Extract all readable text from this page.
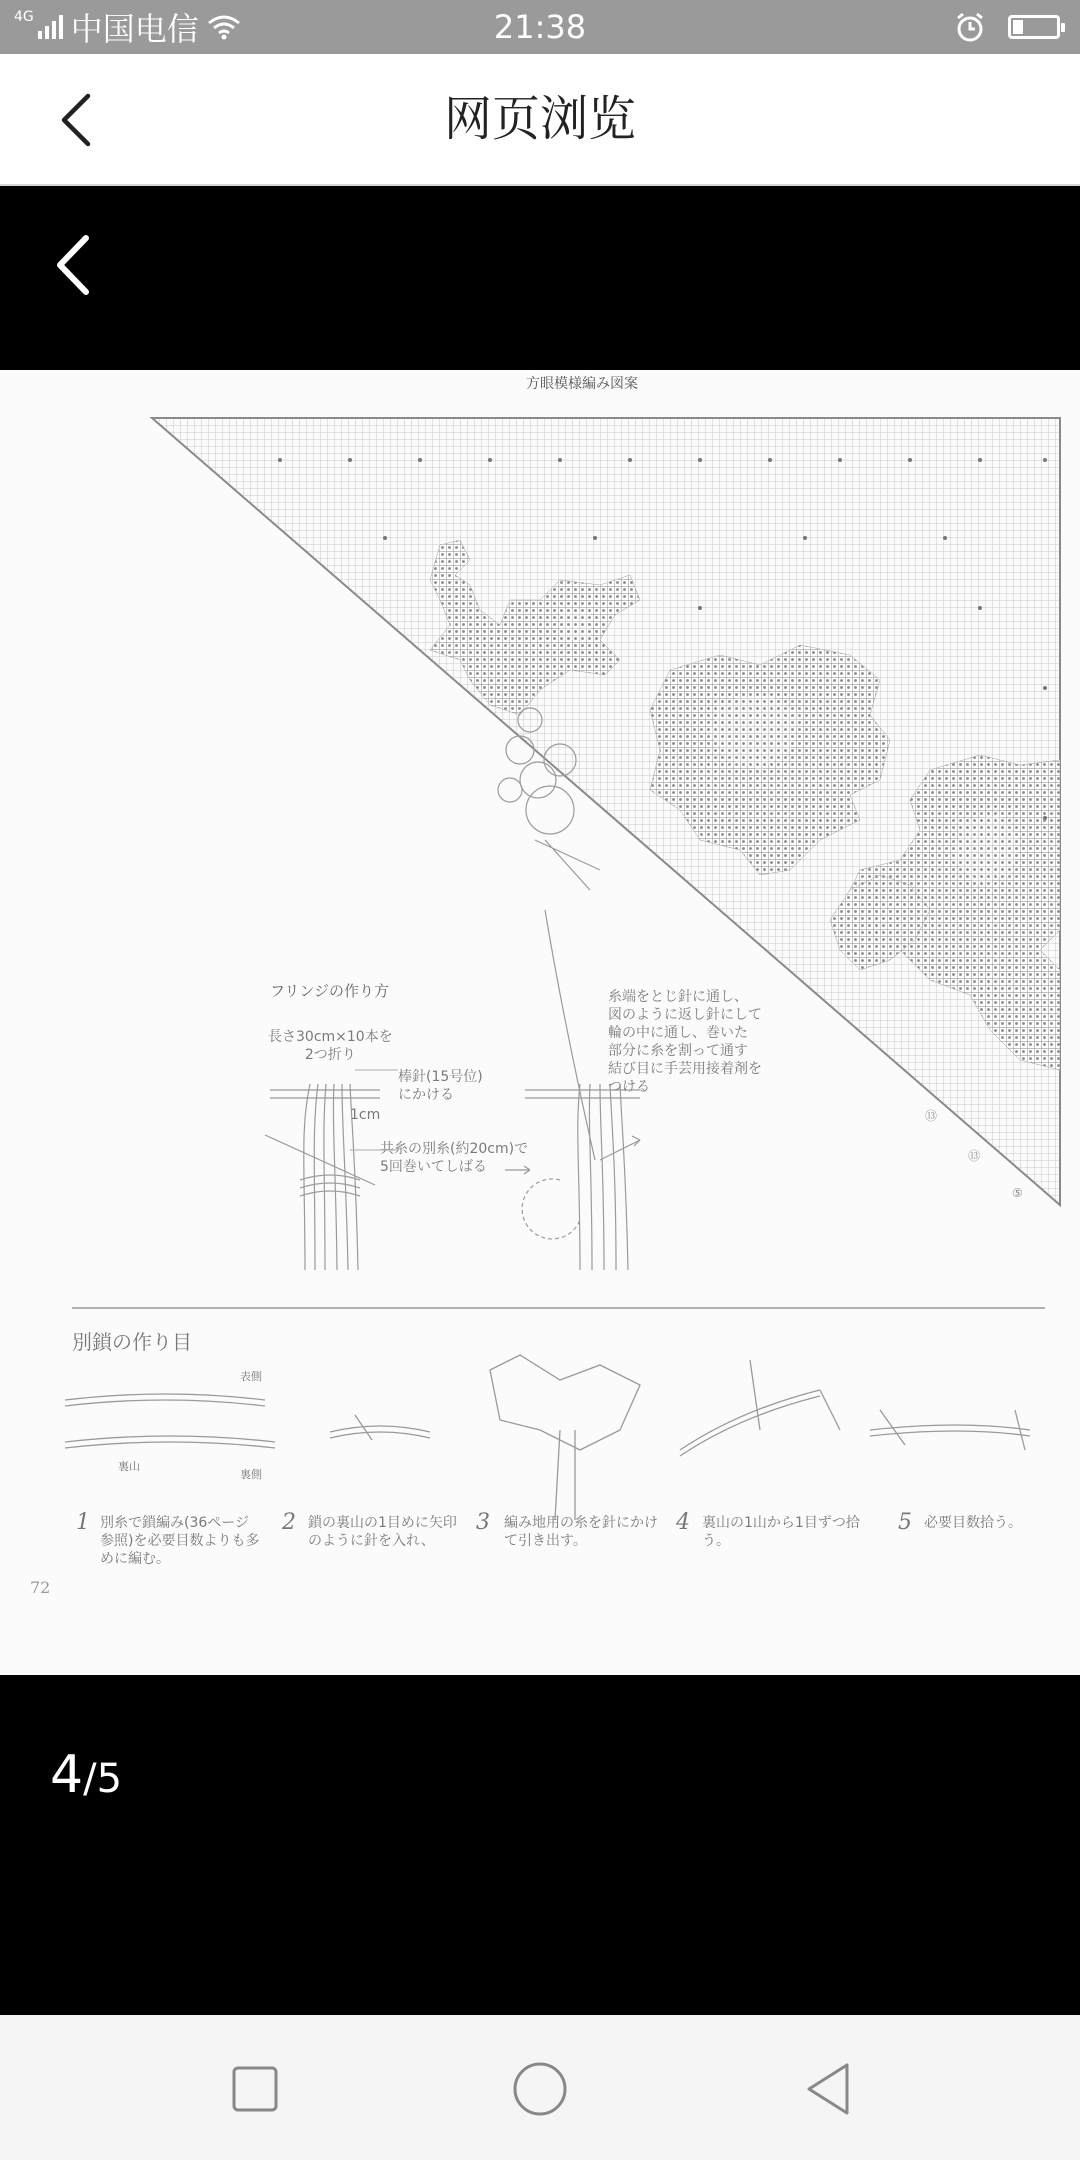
4G 中国电信	21:38
网页浏览
方眼模様編み図案
⑬
⑬
⑤
フリンジの作り方
長さ30cm×10本を
2つ折り
棒針(15号位)
にかける
1cm
共糸の別糸(約20cm)で
5回巻いてしばる
糸端をとじ針に通し、
図のように返し針にして
輪の中に通し、巻いた
部分に糸を割って通す
結び目に手芸用接着剤を
つける
別鎖の作り目
表側
裏山
裏側
1 別糸で鎖編み(36ページ
参照)を必要目数よりも多
めに編む。
2 鎖の裏山の1目めに矢印
のように針を入れ、
3 編み地用の糸を針にかけ
て引き出す。
4 裏山の1山から1目ずつ拾
う。
5 必要目数拾う。
72
4/5
